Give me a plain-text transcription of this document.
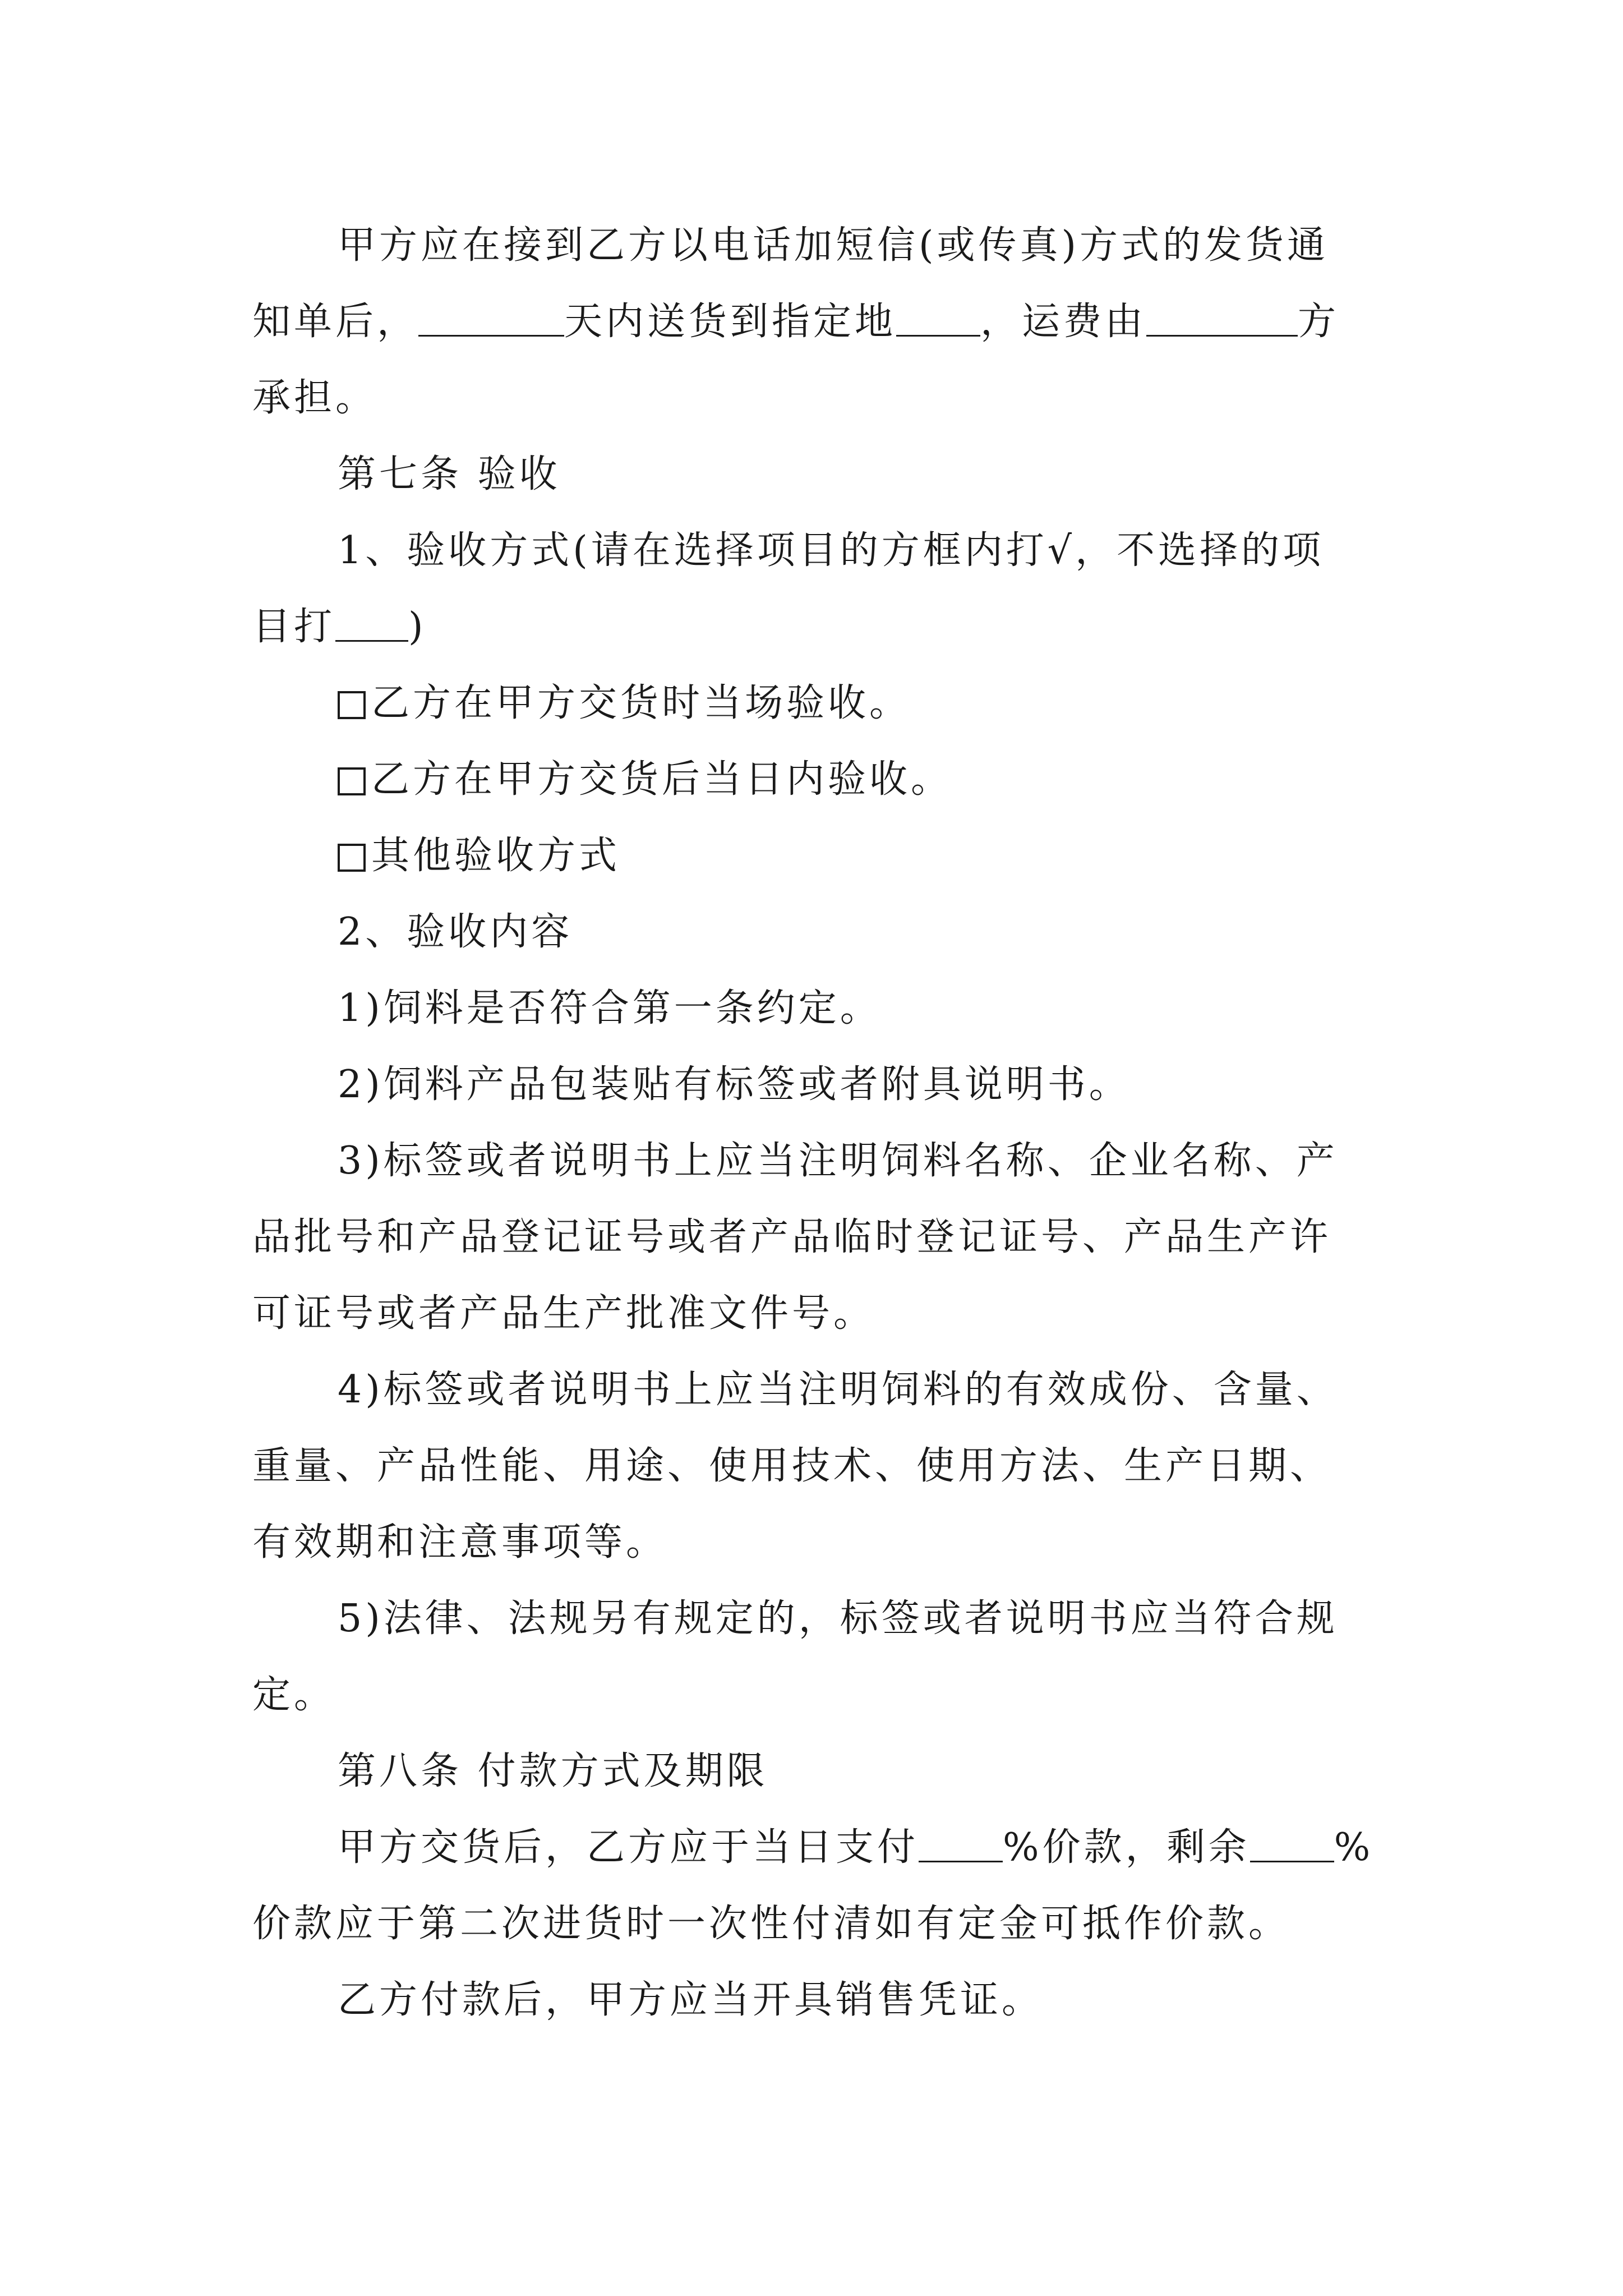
甲方应在接到乙方以电话加短信(或传真)方式的发货通
知单后，	天内送货到指定地 ，运费由	方
承担。
第七条 验收
1、验收方式(请在选择项目的方框内打√，不选择的项
目打 )
乙方在甲方交货时当场验收。
乙方在甲方交货后当日内验收。
其他验收方式
2、验收内容
1)饲料是否符合第一条约定。
2)饲料产品包装贴有标签或者附具说明书。
3)标签或者说明书上应当注明饲料名称、企业名称、产
品批号和产品登记证号或者产品临时登记证号、产品生产许
可证号或者产品生产批准文件号。
4)标签或者说明书上应当注明饲料的有效成份、含量、
重量、产品性能、用途、使用技术、使用方法、生产日期、
有效期和注意事项等。
5)法律、法规另有规定的，标签或者说明书应当符合规
定。
第八条 付款方式及期限
甲方交货后，乙方应于当日支付 %价款，剩余 %
价款应于第二次进货时一次性付清如有定金可抵作价款。
乙方付款后，甲方应当开具销售凭证。
